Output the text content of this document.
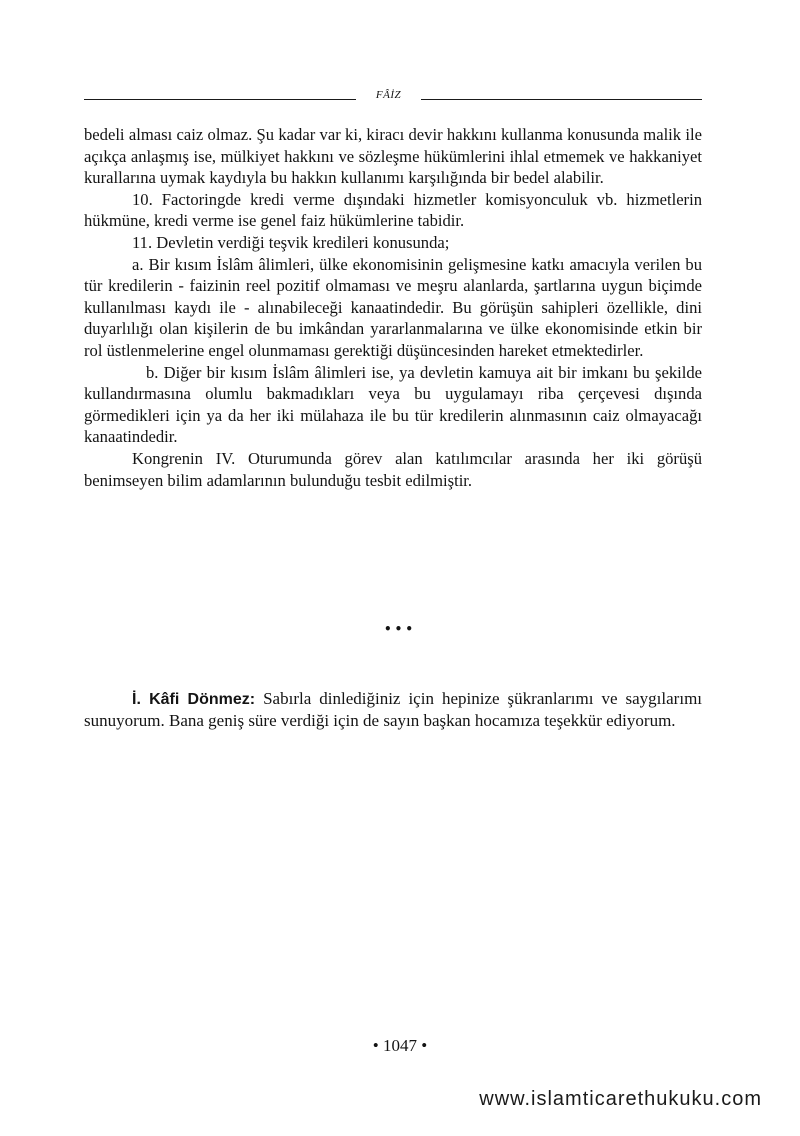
FÂİZ

bedeli alması caiz olmaz. Şu kadar var ki, kiracı devir hakkını kullanma konusunda malik ile açıkça anlaşmış ise, mülkiyet hakkını ve sözleşme hükümlerini ihlal etmemek ve hakkaniyet kurallarına uymak kaydıyla bu hakkın kullanımı karşılığında bir bedel alabilir.

10. Factoringde kredi verme dışındaki hizmetler komisyonculuk vb. hizmetlerin hükmüne, kredi verme ise genel faiz hükümlerine tabidir.

11. Devletin verdiği teşvik kredileri konusunda;

a. Bir kısım İslâm âlimleri, ülke ekonomisinin gelişmesine katkı amacıyla verilen bu tür kredilerin - faizinin reel pozitif olmaması ve meşru alanlarda, şartlarına uygun biçimde kullanılması kaydı ile - alınabileceği kanaatindedir. Bu görüşün sahipleri özellikle, dini duyarlılığı olan kişilerin de bu imkândan yararlanmalarına ve ülke ekonomisinde etkin bir rol üstlenmelerine engel olunmaması gerektiği düşüncesinden hareket etmektedirler.

b. Diğer bir kısım İslâm âlimleri ise, ya devletin kamuya ait bir imkanı bu şekilde kullandırmasına olumlu bakmadıkları veya bu uygulamayı riba çerçevesi dışında görmedikleri için ya da her iki mülahaza ile bu tür kredilerin alınmasının caiz olmayacağı kanaatindedir.

Kongrenin IV. Oturumunda görev alan katılımcılar arasında her iki görüşü benimseyen bilim adamlarının bulunduğu tesbit edilmiştir.

•••

İ. Kâfi Dönmez: Sabırla dinlediğiniz için hepinize şükranlarımı ve saygılarımı sunuyorum. Bana geniş süre verdiği için de sayın başkan hocamıza teşekkür ediyorum.

• 1047 •
www.islamticarethukuku.com
